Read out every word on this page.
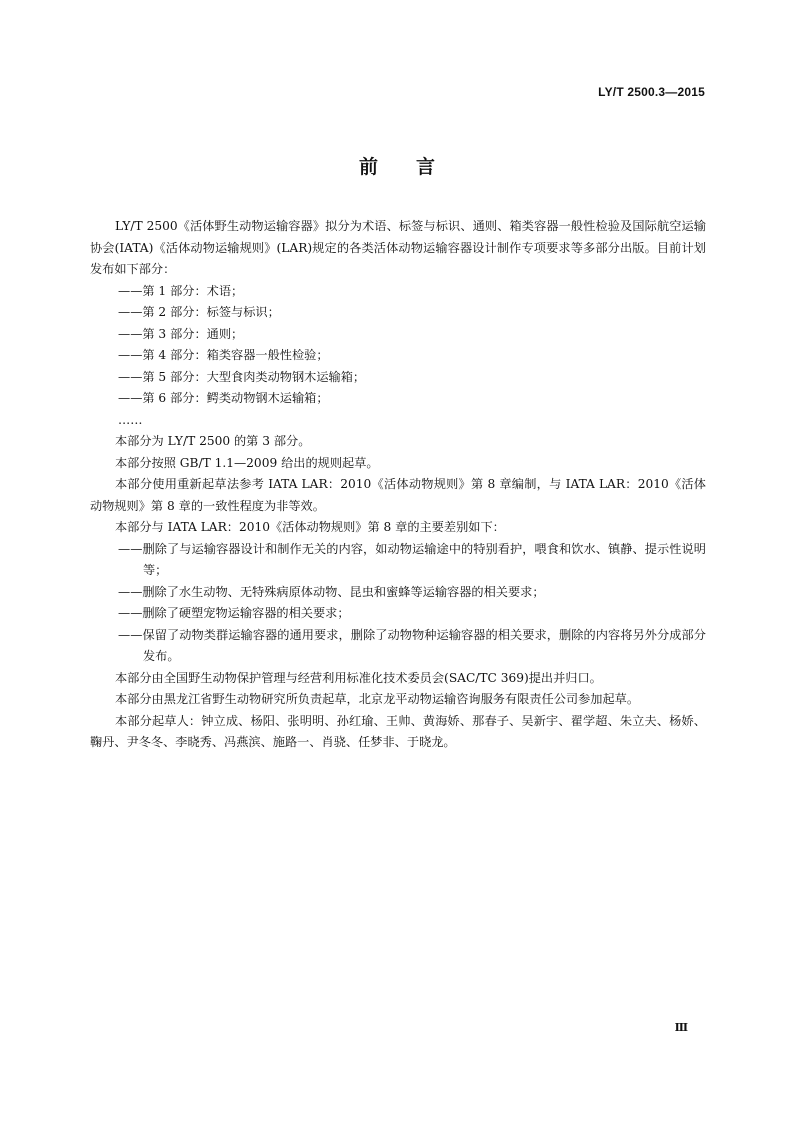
LY/T 2500.3—2015
前言

LY/T 2500《活体野生动物运输容器》拟分为术语、标签与标识、通则、箱类容器一般性检验及国际航空运输协会(IATA)《活体动物运输规则》(LAR)规定的各类活体动物运输容器设计制作专项要求等多部分出版。目前计划发布如下部分：

——第 1 部分：术语；

——第 2 部分：标签与标识；

——第 3 部分：通则；

——第 4 部分：箱类容器一般性检验；

——第 5 部分：大型食肉类动物钢木运输箱；

——第 6 部分：鳄类动物钢木运输箱；

……

本部分为 LY/T 2500 的第 3 部分。

本部分按照 GB/T 1.1—2009 给出的规则起草。

本部分使用重新起草法参考 IATA LAR：2010《活体动物规则》第 8 章编制，与 IATA LAR：2010《活体动物规则》第 8 章的一致性程度为非等效。

本部分与 IATA LAR：2010《活体动物规则》第 8 章的主要差别如下：

——删除了与运输容器设计和制作无关的内容，如动物运输途中的特别看护，喂食和饮水、镇静、提示性说明等；

——删除了水生动物、无特殊病原体动物、昆虫和蜜蜂等运输容器的相关要求；

——删除了硬塑宠物运输容器的相关要求；

——保留了动物类群运输容器的通用要求，删除了动物物种运输容器的相关要求，删除的内容将另外分成部分发布。

本部分由全国野生动物保护管理与经营利用标准化技术委员会(SAC/TC 369)提出并归口。

本部分由黑龙江省野生动物研究所负责起草，北京龙平动物运输咨询服务有限责任公司参加起草。

本部分起草人：钟立成、杨阳、张明明、孙红瑜、王帅、黄海娇、那春子、吴新宇、翟学超、朱立夫、杨娇、鞠丹、尹冬冬、李晓秀、冯燕滨、施路一、肖骁、任梦非、于晓龙。

Ⅲ
